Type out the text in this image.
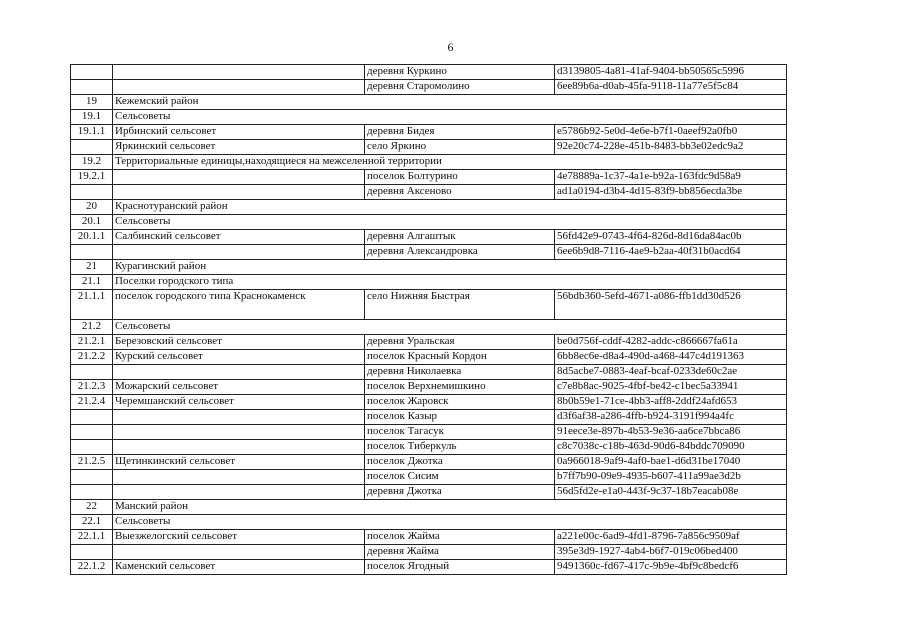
6
		деревня Куркино	d3139805-4a81-41af-9404-bb50565c5996
		деревня Старомолино	6ee89b6a-d0ab-45fa-9118-11a77e5f5c84
19	Кежемский район		
19.1	Сельсоветы		
19.1.1	Ирбинский сельсовет	деревня Бидея	e5786b92-5e0d-4e6e-b7f1-0aeef92a0fb0
	Яркинский сельсовет	село Яркино	92e20c74-228e-451b-8483-bb3e02edc9a2
19.2	Территориальные единицы,находящиеся на межселенной территории		
19.2.1		поселок Болтурино	4e78889a-1c37-4a1e-b92a-163fdc9d58a9
		деревня Аксеново	ad1a0194-d3b4-4d15-83f9-bb856ecda3be
20	Краснотуранский район		
20.1	Сельсоветы		
20.1.1	Салбинский сельсовет	деревня Алгаштык	56fd42e9-0743-4f64-826d-8d16da84ac0b
		деревня Александровка	6ee6b9d8-7116-4ae9-b2aa-40f31b0acd64
21	Курагинский район		
21.1	Поселки городского типа		
21.1.1	поселок городского типа Краснокаменск	село Нижняя Быстрая	56bdb360-5efd-4671-a086-ffb1dd30d526
21.2	Сельсоветы		
21.2.1	Березовский сельсовет	деревня Уральская	be0d756f-cddf-4282-addc-c866667fa61a
21.2.2	Курский сельсовет	поселок Красный Кордон	6bb8ec6e-d8a4-490d-a468-447c4d191363
		деревня Николаевка	8d5acbe7-0883-4eaf-bcaf-0233de60c2ae
21.2.3	Можарский сельсовет	поселок Верхнемишкино	c7e8b8ac-9025-4fbf-be42-c1bec5a33941
21.2.4	Черемшанский сельсовет	поселок Жаровск	8b0b59e1-71ce-4bb3-aff8-2ddf24afd653
		поселок Казыр	d3f6af38-a286-4ffb-b924-3191f994a4fc
		поселок Тагасук	91eece3e-897b-4b53-9e36-aa6ce7bbca86
		поселок Тиберкуль	c8c7038c-c18b-463d-90d6-84bddc709090
21.2.5	Щетинкинский сельсовет	поселок Джотка	0a966018-9af9-4af0-bae1-d6d31be17040
		поселок Сисим	b7ff7b90-09e9-4935-b607-411a99ae3d2b
		деревня Джотка	56d5fd2e-e1a0-443f-9c37-18b7eacab08e
22	Манский район		
22.1	Сельсоветы		
22.1.1	Выезжелогский сельсовет	поселок Жайма	a221e00c-6ad9-4fd1-8796-7a856c9509af
		деревня Жайма	395e3d9-1927-4ab4-b6f7-019c06bed400
22.1.2	Каменский сельсовет	поселок Ягодный	9491360c-fd67-417c-9b9e-4bf9c8bedcf6
